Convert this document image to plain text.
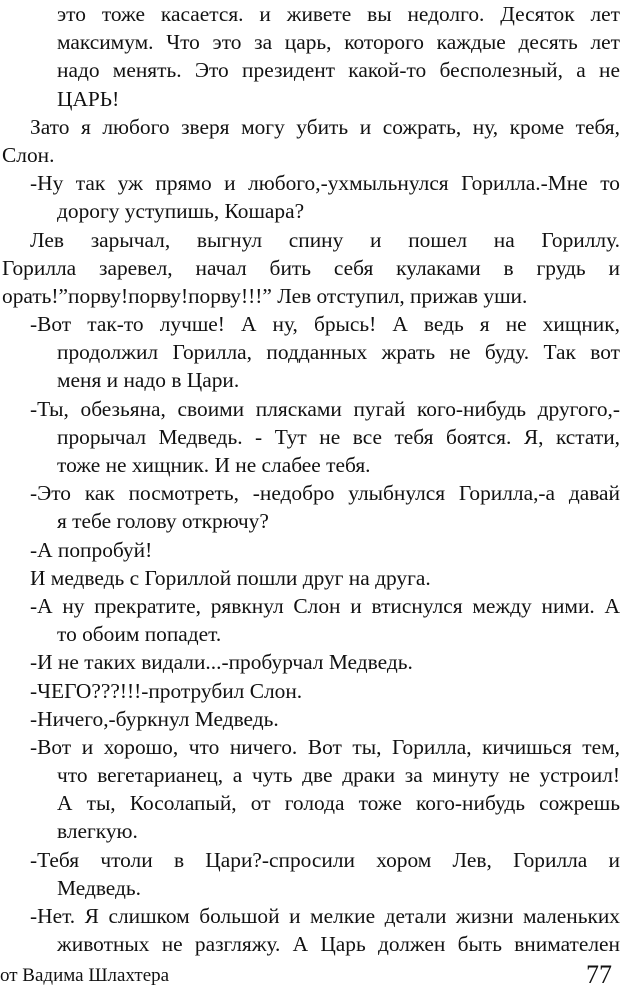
это тоже касается. и живете вы недолго. Десяток лет
максимум. Что это за царь, которого каждые десять лет
надо менять. Это президент какой-то бесполезный, а не
ЦАРЬ!
Зато я любого зверя могу убить и сожрать, ну, кроме тебя,
Слон.
-Ну так уж прямо и любого,-ухмыльнулся Горилла.-Мне то
дорогу уступишь, Кошара?
Лев зарычал, выгнул спину и пошел на Гориллу.
Горилла заревел, начал бить себя кулаками в грудь и
орать!”порву!порву!порву!!!” Лев отступил, прижав уши.
-Вот так-то лучше! А ну, брысь! А ведь я не хищник,
продолжил Горилла, подданных жрать не буду. Так вот
меня и надо в Цари.
-Ты, обезьяна, своими плясками пугай кого-нибудь другого,-
прорычал Медведь. - Тут не все тебя боятся. Я, кстати,
тоже не хищник. И не слабее тебя.
-Это как посмотреть, -недобро улыбнулся Горилла,-а давай
я тебе голову открючу?
-А попробуй!
И медведь с Гориллой пошли друг на друга.
-А ну прекратите, рявкнул Слон и втиснулся между ними. А
то обоим попадет.
-И не таких видали...-пробурчал Медведь.
-ЧЕГО???!!!-протрубил Слон.
-Ничего,-буркнул Медведь.
-Вот и хорошо, что ничего. Вот ты, Горилла, кичишься тем,
что вегетарианец, а чуть две драки за минуту не устроил!
А ты, Косолапый, от голода тоже кого-нибудь сожрешь
влегкую.
-Тебя чтоли в Цари?-спросили хором Лев, Горилла и
Медведь.
-Нет. Я слишком большой и мелкие детали жизни маленьких
животных не разгляжу. А Царь должен быть внимателен
от Вадима Шлахтера	77
